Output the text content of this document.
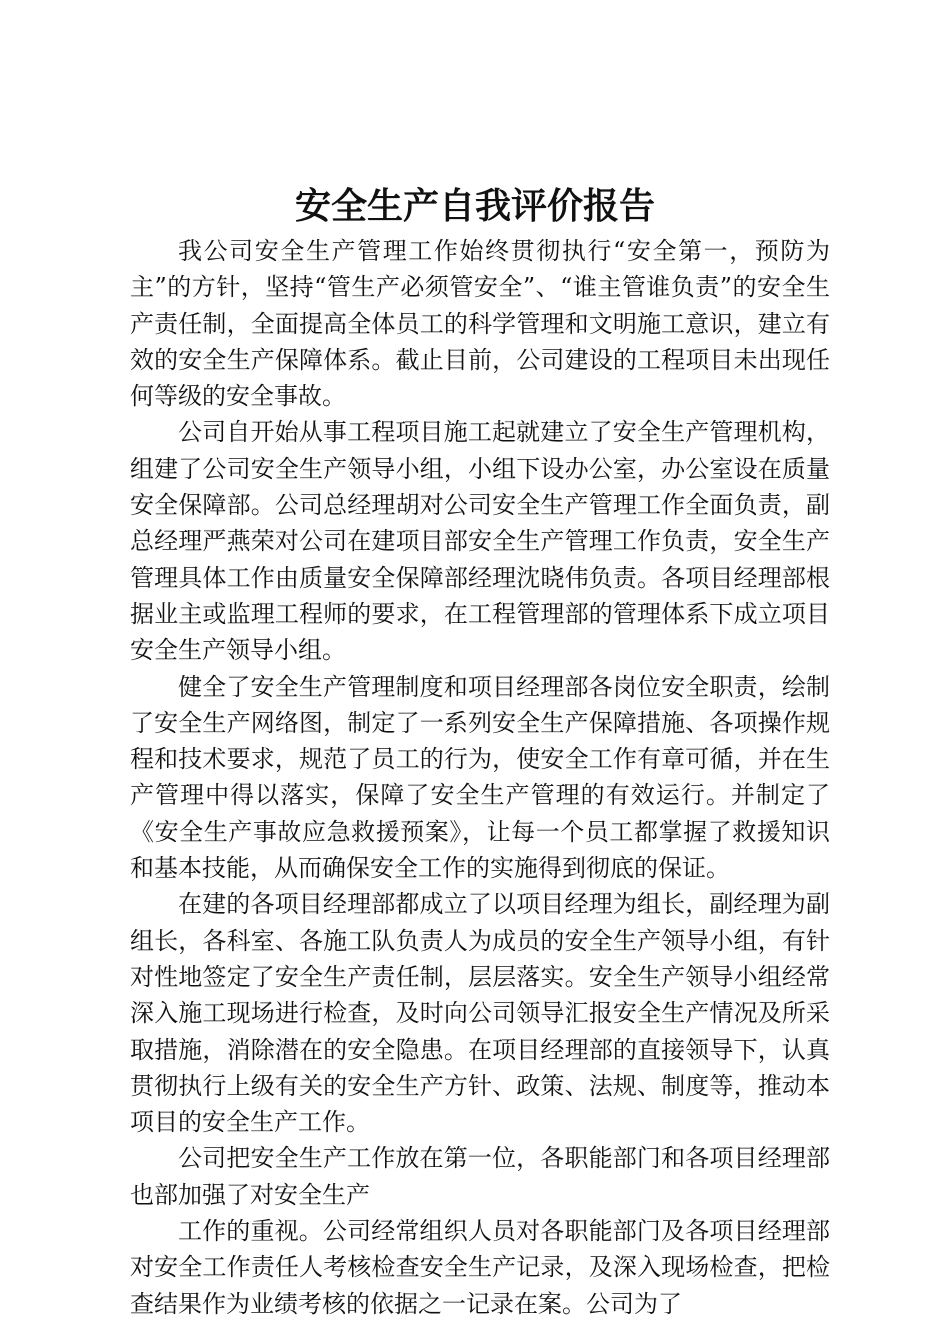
安全生产自我评价报告

我公司安全生产管理工作始终贯彻执行“安全第一，预防为主”的方针，坚持“管生产必须管安全”、“谁主管谁负责”的安全生产责任制，全面提高全体员工的科学管理和文明施工意识，建立有效的安全生产保障体系。截止目前，公司建设的工程项目未出现任何等级的安全事故。

公司自开始从事工程项目施工起就建立了安全生产管理机构，组建了公司安全生产领导小组，小组下设办公室，办公室设在质量安全保障部。公司总经理胡对公司安全生产管理工作全面负责，副总经理严燕荣对公司在建项目部安全生产管理工作负责，安全生产管理具体工作由质量安全保障部经理沈晓伟负责。各项目经理部根据业主或监理工程师的要求，在工程管理部的管理体系下成立项目安全生产领导小组。

健全了安全生产管理制度和项目经理部各岗位安全职责，绘制了安全生产网络图，制定了一系列安全生产保障措施、各项操作规程和技术要求，规范了员工的行为，使安全工作有章可循，并在生产管理中得以落实，保障了安全生产管理的有效运行。并制定了《安全生产事故应急救援预案》，让每一个员工都掌握了救援知识和基本技能，从而确保安全工作的实施得到彻底的保证。

在建的各项目经理部都成立了以项目经理为组长，副经理为副组长，各科室、各施工队负责人为成员的安全生产领导小组，有针对性地签定了安全生产责任制，层层落实。安全生产领导小组经常深入施工现场进行检查，及时向公司领导汇报安全生产情况及所采取措施，消除潜在的安全隐患。在项目经理部的直接领导下，认真贯彻执行上级有关的安全生产方针、政策、法规、制度等，推动本项目的安全生产工作。

公司把安全生产工作放在第一位，各职能部门和各项目经理部也部加强了对安全生产

工作的重视。公司经常组织人员对各职能部门及各项目经理部对安全工作责任人考核检查安全生产记录，及深入现场检查，把检查结果作为业绩考核的依据之一记录在案。公司为了
